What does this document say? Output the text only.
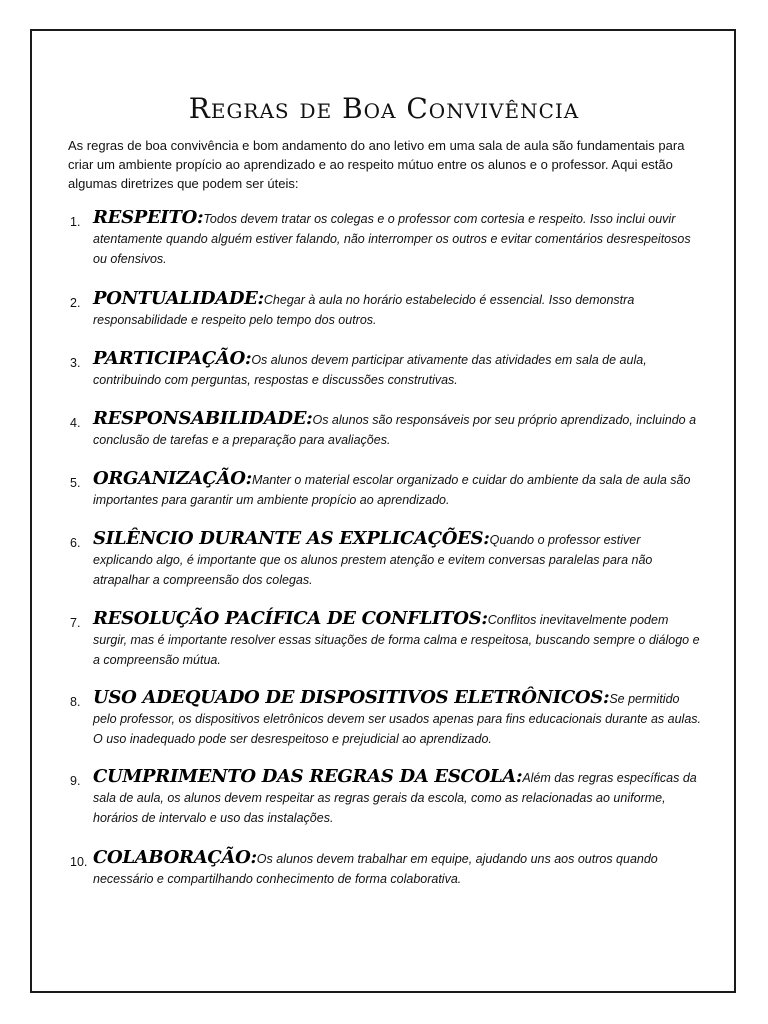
Regras de Boa Convivência

As regras de boa convivência e bom andamento do ano letivo em uma sala de aula são fundamentais para criar um ambiente propício ao aprendizado e ao respeito mútuo entre os alunos e o professor. Aqui estão algumas diretrizes que podem ser úteis:

1. RESPEITO:Todos devem tratar os colegas e o professor com cortesia e respeito. Isso inclui ouvir atentamente quando alguém estiver falando, não interromper os outros e evitar comentários desrespeitosos ou ofensivos.
2. PONTUALIDADE:Chegar à aula no horário estabelecido é essencial. Isso demonstra responsabilidade e respeito pelo tempo dos outros.
3. PARTICIPAÇÃO:Os alunos devem participar ativamente das atividades em sala de aula, contribuindo com perguntas, respostas e discussões construtivas.
4. RESPONSABILIDADE:Os alunos são responsáveis por seu próprio aprendizado, incluindo a conclusão de tarefas e a preparação para avaliações.
5. ORGANIZAÇÃO:Manter o material escolar organizado e cuidar do ambiente da sala de aula são importantes para garantir um ambiente propício ao aprendizado.
6. SILÊNCIO DURANTE AS EXPLICAÇÕES:Quando o professor estiver explicando algo, é importante que os alunos prestem atenção e evitem conversas paralelas para não atrapalhar a compreensão dos colegas.
7. RESOLUÇÃO PACÍFICA DE CONFLITOS:Conflitos inevitavelmente podem surgir, mas é importante resolver essas situações de forma calma e respeitosa, buscando sempre o diálogo e a compreensão mútua.
8. USO ADEQUADO DE DISPOSITIVOS ELETRÔNICOS:Se permitido pelo professor, os dispositivos eletrônicos devem ser usados apenas para fins educacionais durante as aulas. O uso inadequado pode ser desrespeitoso e prejudicial ao aprendizado.
9. CUMPRIMENTO DAS REGRAS DA ESCOLA:Além das regras específicas da sala de aula, os alunos devem respeitar as regras gerais da escola, como as relacionadas ao uniforme, horários de intervalo e uso das instalações.
10. COLABORAÇÃO:Os alunos devem trabalhar em equipe, ajudando uns aos outros quando necessário e compartilhando conhecimento de forma colaborativa.
